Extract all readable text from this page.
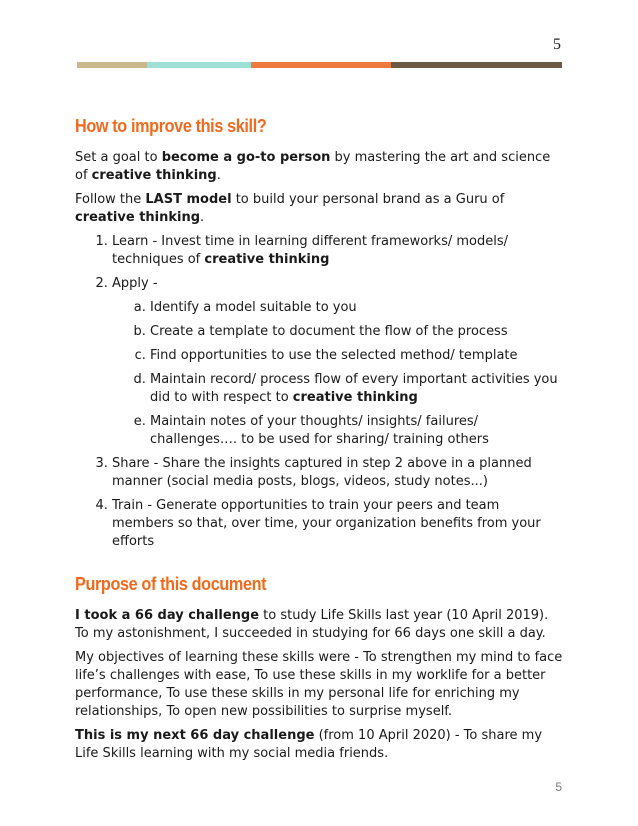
5
How to improve this skill?

Set a goal to become a go-to person by mastering the art and science of creative thinking.

Follow the LAST model to build your personal brand as a Guru of creative thinking.

1. Learn - Invest time in learning different frameworks/ models/ techniques of creative thinking
2. Apply -
a. Identify a model suitable to you
b. Create a template to document the flow of the process
c. Find opportunities to use the selected method/ template
d. Maintain record/ process flow of every important activities you did to with respect to creative thinking
e. Maintain notes of your thoughts/ insights/ failures/ challenges…. to be used for sharing/ training others
3. Share - Share the insights captured in step 2 above in a planned manner (social media posts, blogs, videos, study notes...)
4. Train - Generate opportunities to train your peers and team members so that, over time, your organization benefits from your efforts
Purpose of this document

I took a 66 day challenge to study Life Skills last year (10 April 2019). To my astonishment, I succeeded in studying for 66 days one skill a day.

My objectives of learning these skills were - To strengthen my mind to face life’s challenges with ease, To use these skills in my worklife for a better performance, To use these skills in my personal life for enriching my relationships, To open new possibilities to surprise myself.

This is my next 66 day challenge (from 10 April 2020) - To share my Life Skills learning with my social media friends.

5
